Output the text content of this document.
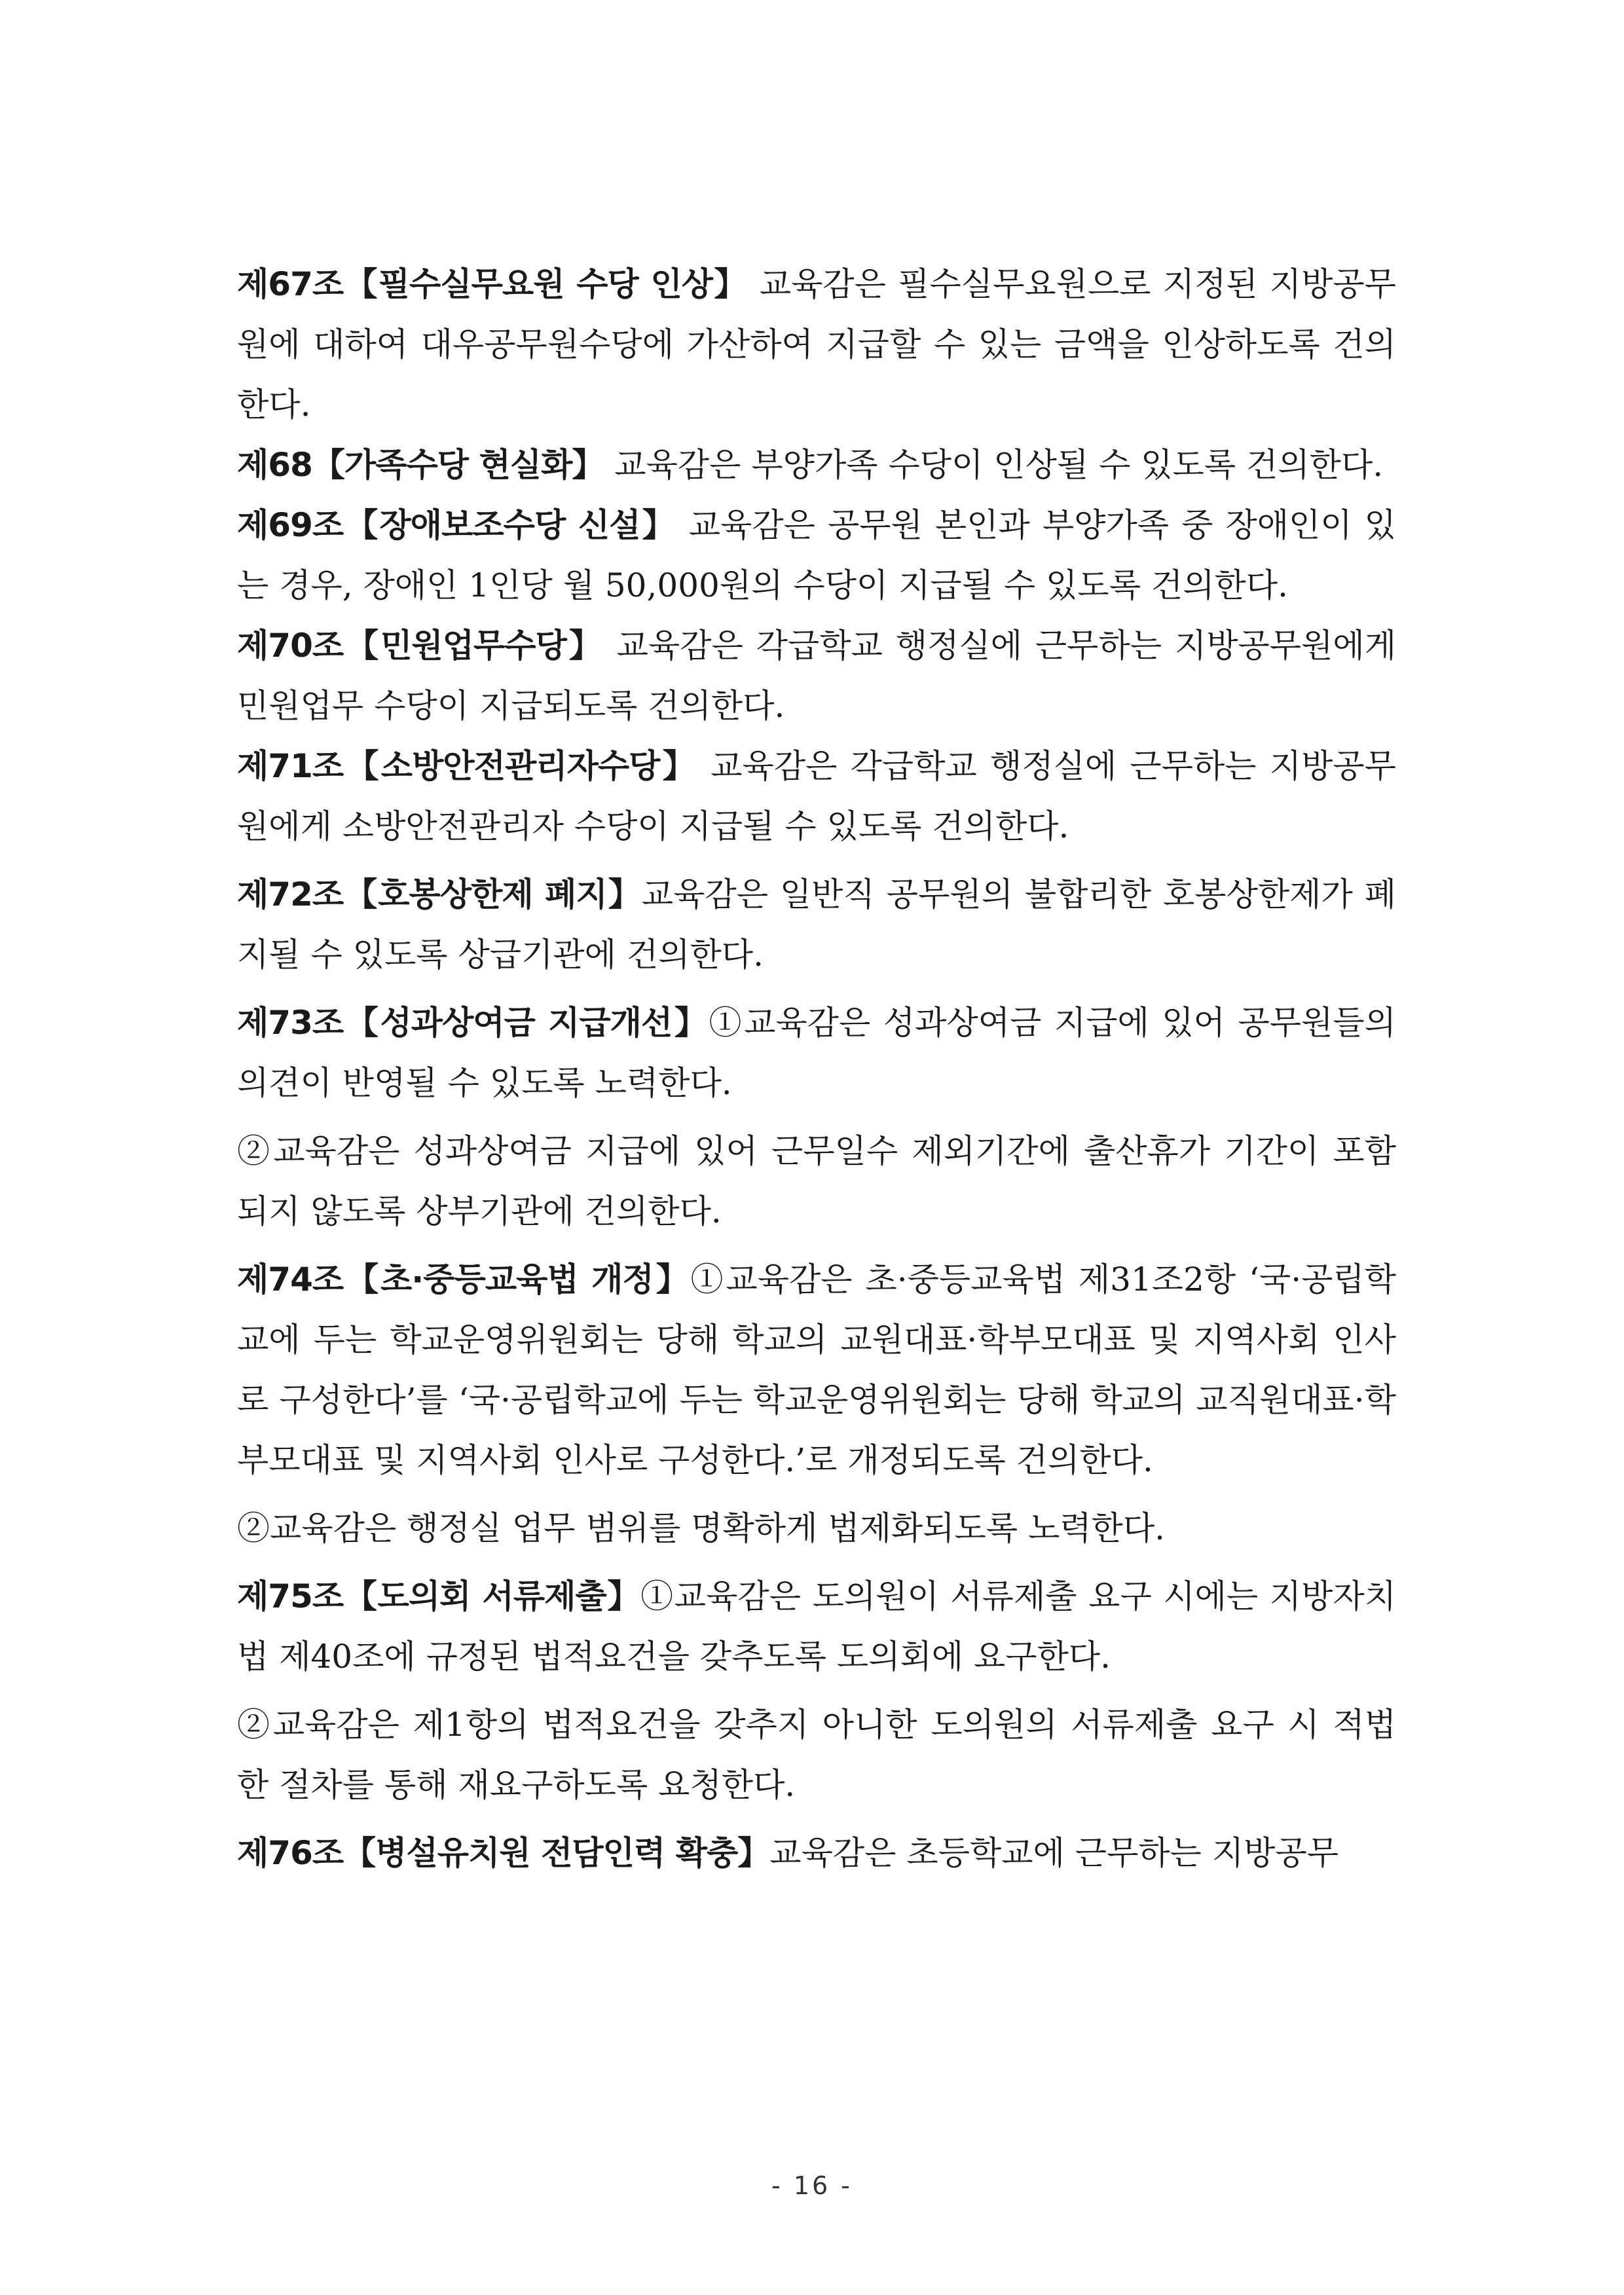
제67조【필수실무요원 수당 인상】 교육감은 필수실무요원으로 지정된 지방공무원에 대하여 대우공무원수당에 가산하여 지급할 수 있는 금액을 인상하도록 건의한다.

제68【가족수당 현실화】 교육감은 부양가족 수당이 인상될 수 있도록 건의한다.

제69조【장애보조수당 신설】 교육감은 공무원 본인과 부양가족 중 장애인이 있는 경우, 장애인 1인당 월 50,000원의 수당이 지급될 수 있도록 건의한다.

제70조【민원업무수당】 교육감은 각급학교 행정실에 근무하는 지방공무원에게 민원업무 수당이 지급되도록 건의한다.

제71조【소방안전관리자수당】 교육감은 각급학교 행정실에 근무하는 지방공무원에게 소방안전관리자 수당이 지급될 수 있도록 건의한다.

제72조【호봉상한제 폐지】교육감은 일반직 공무원의 불합리한 호봉상한제가 폐지될 수 있도록 상급기관에 건의한다.

제73조【성과상여금 지급개선】①교육감은 성과상여금 지급에 있어 공무원들의 의견이 반영될 수 있도록 노력한다.

②교육감은 성과상여금 지급에 있어 근무일수 제외기간에 출산휴가 기간이 포함되지 않도록 상부기관에 건의한다.

제74조【초·중등교육법 개정】①교육감은 초·중등교육법 제31조2항 ‘국·공립학교에 두는 학교운영위원회는 당해 학교의 교원대표·학부모대표 및 지역사회 인사로 구성한다’를 ‘국·공립학교에 두는 학교운영위원회는 당해 학교의 교직원대표·학부모대표 및 지역사회 인사로 구성한다.’로 개정되도록 건의한다.

②교육감은 행정실 업무 범위를 명확하게 법제화되도록 노력한다.

제75조【도의회 서류제출】①교육감은 도의원이 서류제출 요구 시에는 지방자치법 제40조에 규정된 법적요건을 갖추도록 도의회에 요구한다.

②교육감은 제1항의 법적요건을 갖추지 아니한 도의원의 서류제출 요구 시 적법한 절차를 통해 재요구하도록 요청한다.

제76조【병설유치원 전담인력 확충】교육감은 초등학교에 근무하는 지방공무

- 16 -
